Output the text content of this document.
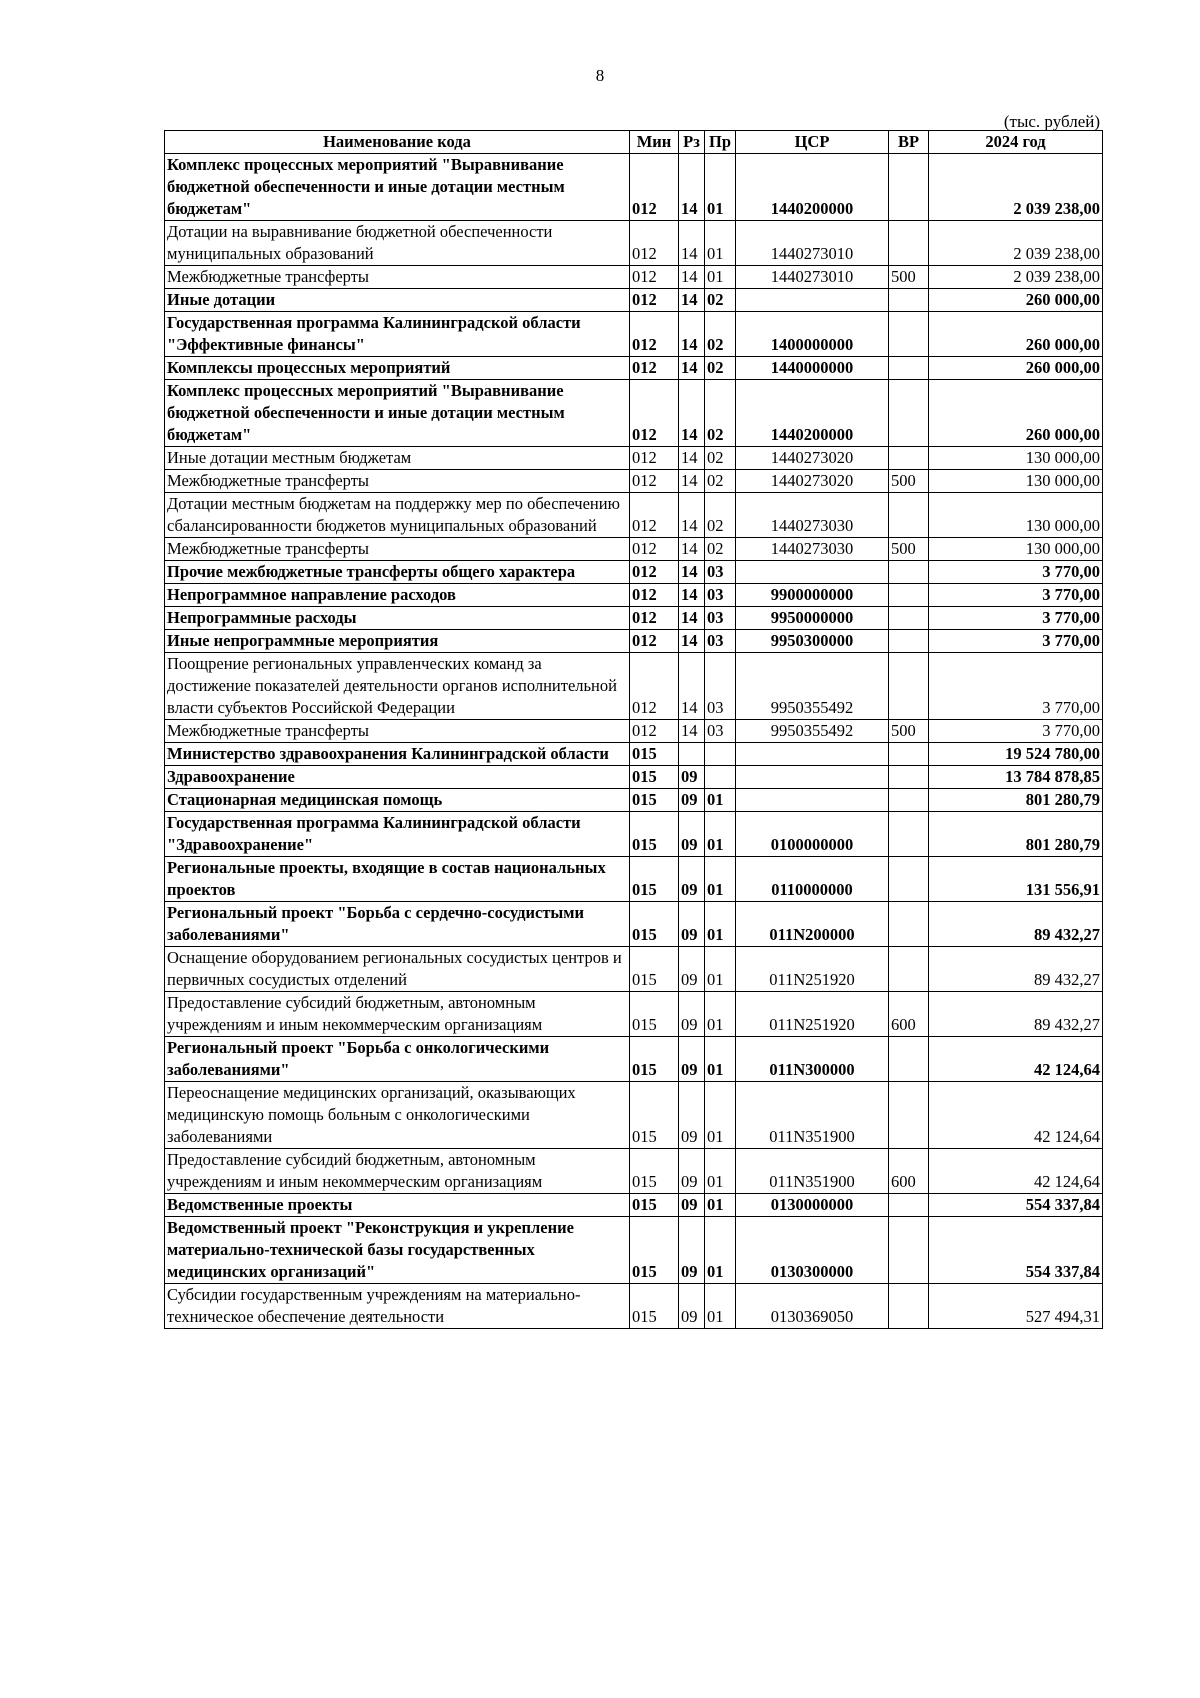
8
(тыс. рублей)
Наименование кода	Мин	Рз	Пр	ЦСР	ВР	2024 год
Комплекс процессных мероприятий "Выравнивание бюджетной обеспеченности и иные дотации местным бюджетам"	012	14	01	1440200000		2 039 238,00
Дотации на выравнивание бюджетной обеспеченности муниципальных образований	012	14	01	1440273010		2 039 238,00
Межбюджетные трансферты	012	14	01	1440273010	500	2 039 238,00
Иные дотации	012	14	02			260 000,00
Государственная программа Калининградской области "Эффективные финансы"	012	14	02	1400000000		260 000,00
Комплексы процессных мероприятий	012	14	02	1440000000		260 000,00
Комплекс процессных мероприятий "Выравнивание бюджетной обеспеченности и иные дотации местным бюджетам"	012	14	02	1440200000		260 000,00
Иные дотации местным бюджетам	012	14	02	1440273020		130 000,00
Межбюджетные трансферты	012	14	02	1440273020	500	130 000,00
Дотации местным бюджетам на поддержку мер по обеспечению сбалансированности бюджетов муниципальных образований	012	14	02	1440273030		130 000,00
Межбюджетные трансферты	012	14	02	1440273030	500	130 000,00
Прочие межбюджетные трансферты общего характера	012	14	03			3 770,00
Непрограммное направление расходов	012	14	03	9900000000		3 770,00
Непрограммные расходы	012	14	03	9950000000		3 770,00
Иные непрограммные мероприятия	012	14	03	9950300000		3 770,00
Поощрение региональных управленческих команд за достижение показателей деятельности органов исполнительной власти субъектов Российской Федерации	012	14	03	9950355492		3 770,00
Межбюджетные трансферты	012	14	03	9950355492	500	3 770,00
Министерство здравоохранения Калининградской области	015					19 524 780,00
Здравоохранение	015	09				13 784 878,85
Стационарная медицинская помощь	015	09	01			801 280,79
Государственная программа Калининградской области "Здравоохранение"	015	09	01	0100000000		801 280,79
Региональные проекты, входящие в состав национальных проектов	015	09	01	0110000000		131 556,91
Региональный проект "Борьба с сердечно-сосудистыми заболеваниями"	015	09	01	011N200000		89 432,27
Оснащение оборудованием региональных сосудистых центров и первичных сосудистых отделений	015	09	01	011N251920		89 432,27
Предоставление субсидий бюджетным, автономным учреждениям и иным некоммерческим организациям	015	09	01	011N251920	600	89 432,27
Региональный проект "Борьба с онкологическими заболеваниями"	015	09	01	011N300000		42 124,64
Переоснащение медицинских организаций, оказывающих медицинскую помощь больным с онкологическими заболеваниями	015	09	01	011N351900		42 124,64
Предоставление субсидий бюджетным, автономным учреждениям и иным некоммерческим организациям	015	09	01	011N351900	600	42 124,64
Ведомственные проекты	015	09	01	0130000000		554 337,84
Ведомственный проект "Реконструкция и укрепление материально-технической базы государственных медицинских организаций"	015	09	01	0130300000		554 337,84
Субсидии государственным учреждениям на материально-техническое обеспечение деятельности	015	09	01	0130369050		527 494,31
